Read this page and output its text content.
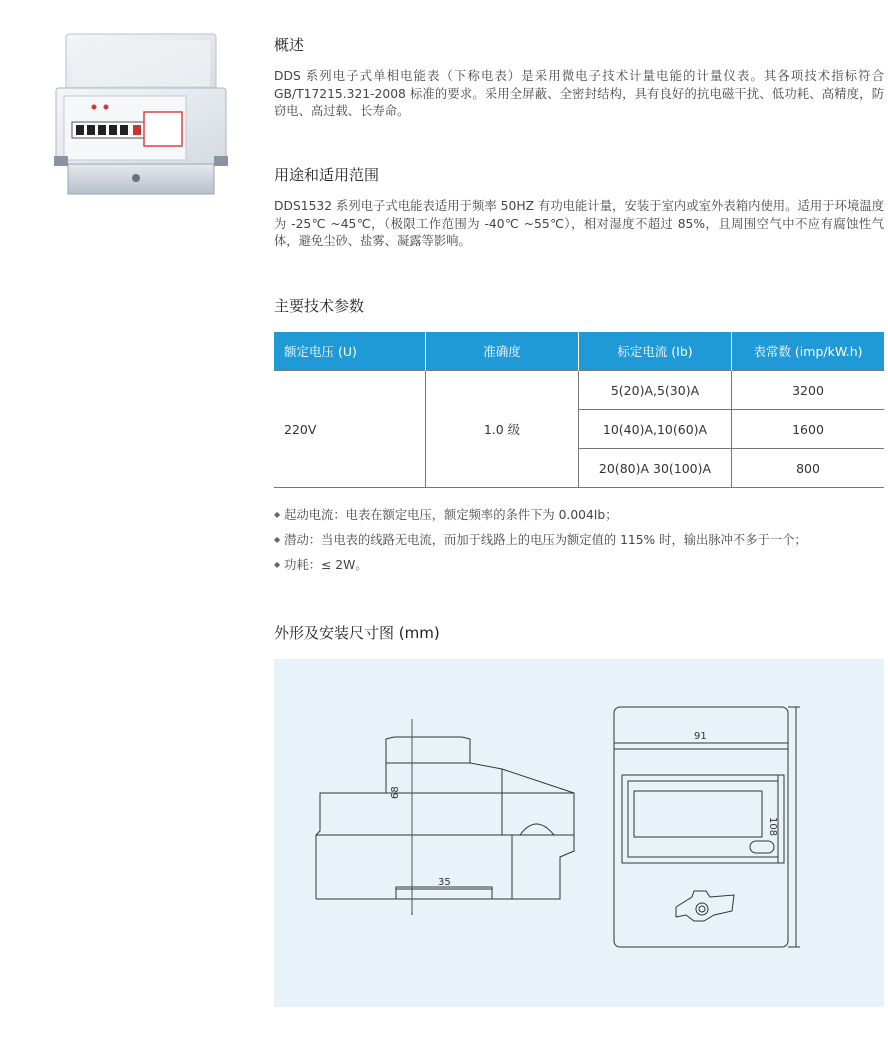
概述

DDS 系列电子式单相电能表（下称电表）是采用微电子技术计量电能的计量仪表。其各项技术指标符合 GB/T17215.321-2008 标准的要求。采用全屏蔽、全密封结构，具有良好的抗电磁干扰、低功耗、高精度，防窃电、高过载、长寿命。

用途和适用范围

DDS1532 系列电子式电能表适用于频率 50HZ 有功电能计量，安装于室内或室外表箱内使用。适用于环境温度为 -25℃ ~45℃，（极限工作范围为 -40℃ ~55℃），相对湿度不超过 85%，且周围空气中不应有腐蚀性气体，避免尘砂、盐雾、凝露等影响。

主要技术参数
额定电压 (U)	准确度	标定电流 (Ib)	表常数 (imp/kW.h)
220V	1.0 级	5(20)A,5(30)A	3200
		10(40)A,10(60)A	1600
		20(80)A 30(100)A	800
◆ 起动电流：电表在额定电压，额定频率的条件下为 0.004Ib；
◆ 潜动：当电表的线路无电流，而加于线路上的电压为额定值的 115% 时，输出脉冲不多于一个；
◆ 功耗：≤ 2W。
外形及安装尺寸图 (mm)
68
35
91
108
